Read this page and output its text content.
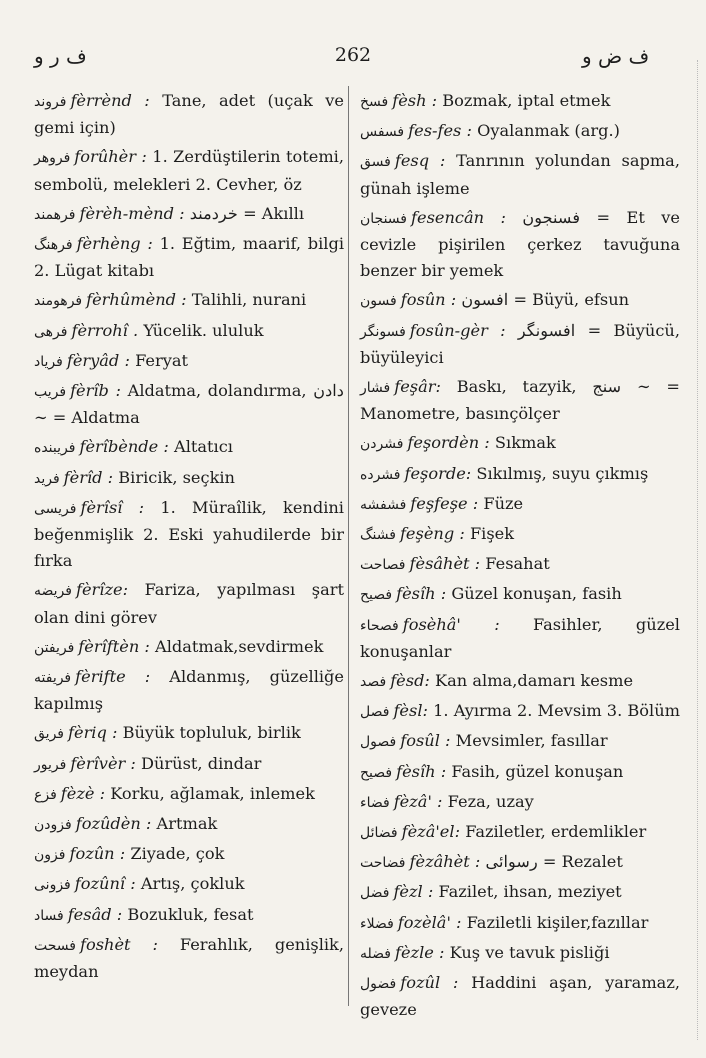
ف ر و	262	ف ض و
فروند fèrrènd : Tane, adet (uçak ve gemi için)
فروهر forûhèr : 1. Zerdüştilerin totemi, sembolü, melekleri 2. Cevher, öz
فرهمند fèrèh-mènd : خردمند = Akıllı
فرهنگ fèrhèng : 1. Eğtim, maarif, bilgi 2. Lügat kitabı
فرهومند fèrhûmènd : Talihli, nurani
فرهی fèrrohî . Yücelik. ululuk
فریاد fèryâd : Feryat
فریب fèrîb : Aldatma, dolandırma, دادن ∼ = Aldatma
فریبنده fèrîbènde : Altatıcı
فرید fèrîd : Biricik, seçkin
فریسی fèrîsî : 1. Müraîlik, kendini beğenmişlik 2. Eski yahudilerde bir fırka
فریضه fèrîze: Fariza, yapılması şart olan dini görev
فریفتن fèrîftèn : Aldatmak,sevdirmek
فریفته fèrifte : Aldanmış, güzelliğe kapılmış
فریق fèriq : Büyük topluluk, birlik
فریور fèrîvèr : Dürüst, dindar
فزع fèzè : Korku, ağlamak, inlemek
فزودن fozûdèn : Artmak
فزون fozûn : Ziyade, çok
فزونی fozûnî : Artış, çokluk
فساد fesâd : Bozukluk, fesat
فسحت foshèt : Ferahlık, genişlik, meydan
فسخ fèsh : Bozmak, iptal etmek
فسفس fes-fes : Oyalanmak (arg.)
فسق fesq : Tanrının yolundan sapma, günah işleme
فسنجان fesencân : فسنجون = Et ve cevizle pişirilen çerkez tavuğuna benzer bir yemek
فسون fosûn : افسون = Büyü, efsun
فسونگر fosûn-gèr : افسونگر = Büyücü, büyüleyici
فشار feşâr: Baskı, tazyik, سنج ∼ = Manometre, basınçölçer
فشردن feşordèn : Sıkmak
فشرده feşorde: Sıkılmış, suyu çıkmış
فشفشه feşfeşe : Füze
فشنگ feşèng : Fişek
فصاحت fèsâhèt : Fesahat
فصیح fèsîh : Güzel konuşan, fasih
فصحاء fosèhâ' : Fasihler, güzel konuşanlar
فصد fèsd: Kan alma,damarı kesme
فصل fèsl: 1. Ayırma 2. Mevsim 3. Bölüm
فصول fosûl : Mevsimler, fasıllar
فصیح fèsîh : Fasih, güzel konuşan
فضاء fèzâ' : Feza, uzay
فضائل fèzâ'el: Faziletler, erdemlikler
فضاحت fèzâhèt : رسوائی = Rezalet
فضل fèzl : Fazilet, ihsan, meziyet
فضلاء fozèlâ' : Faziletli kişiler,fazıllar
فضله fèzle : Kuş ve tavuk pisliği
فضول fozûl : Haddini aşan, yaramaz, geveze
